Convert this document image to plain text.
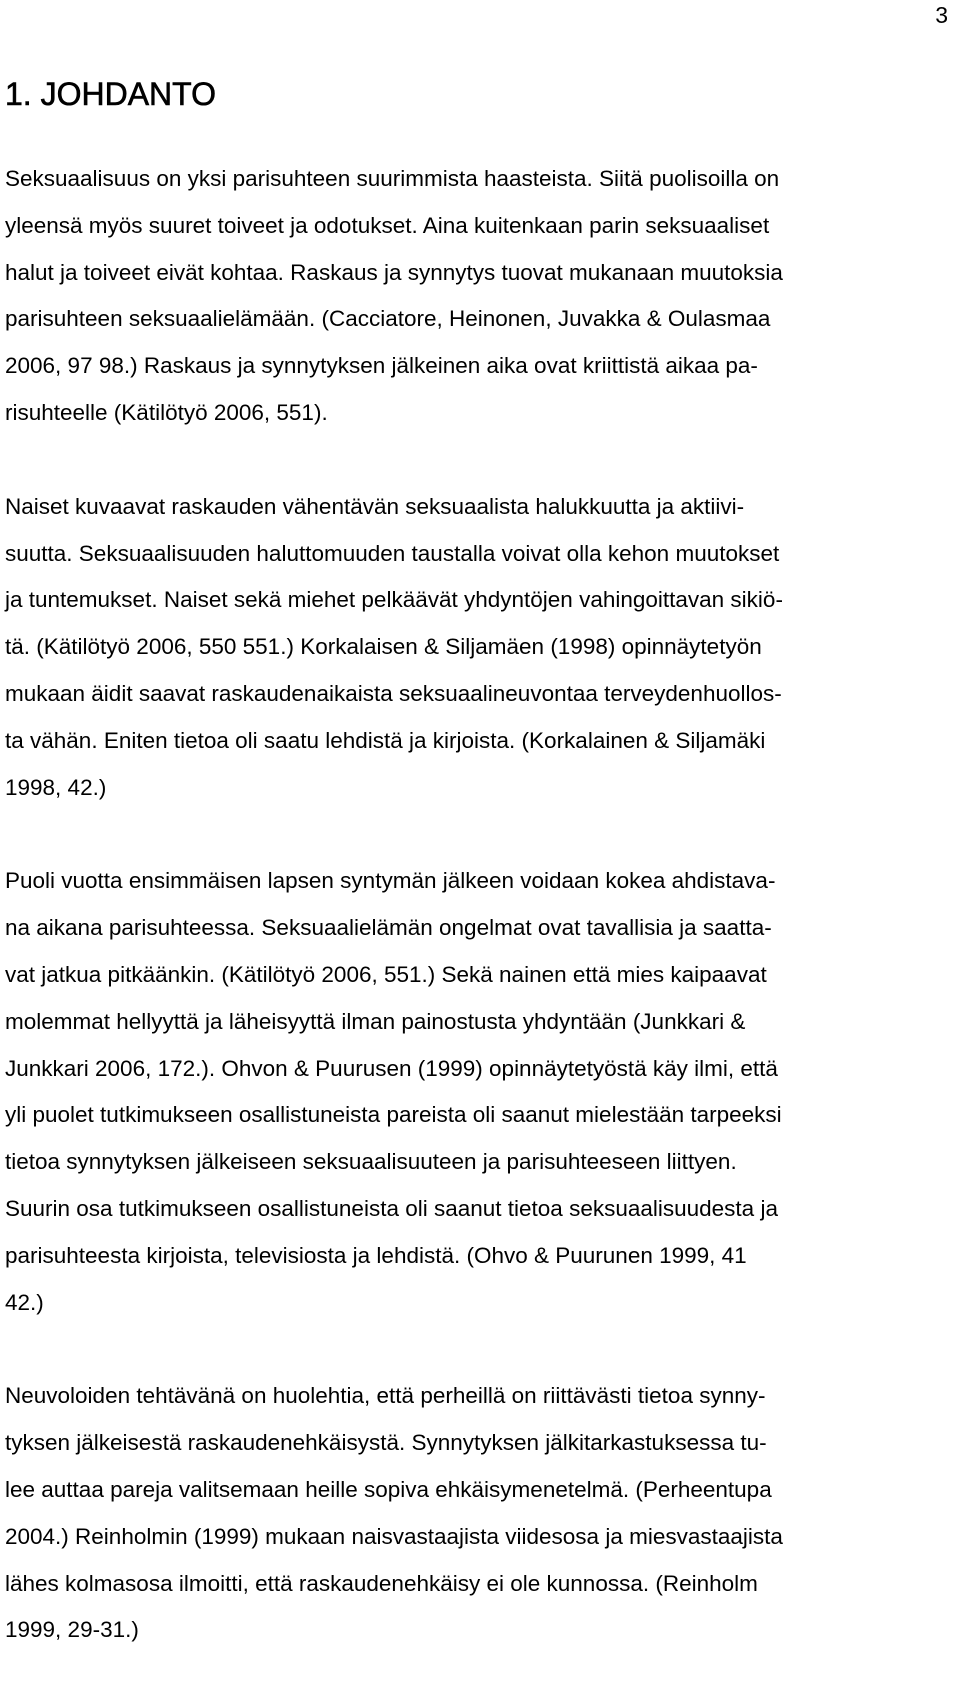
3
1. JOHDANTO
Seksuaalisuus on yksi parisuhteen suurimmista haasteista. Siitä puolisoilla on
yleensä myös suuret toiveet ja odotukset. Aina kuitenkaan parin seksuaaliset
halut ja toiveet eivät kohtaa. Raskaus ja synnytys tuovat mukanaan muutoksia
parisuhteen seksuaalielämään. (Cacciatore, Heinonen, Juvakka & Oulasmaa
2006, 97 98.) Raskaus ja synnytyksen jälkeinen aika ovat kriittistä aikaa pa-
risuhteelle (Kätilötyö 2006, 551).
Naiset kuvaavat raskauden vähentävän seksuaalista halukkuutta ja aktiivi-
suutta. Seksuaalisuuden haluttomuuden taustalla voivat olla kehon muutokset
ja tuntemukset. Naiset sekä miehet pelkäävät yhdyntöjen vahingoittavan sikiö-
tä. (Kätilötyö 2006, 550 551.) Korkalaisen & Siljamäen (1998) opinnäytetyön
mukaan äidit saavat raskaudenaikaista seksuaalineuvontaa terveydenhuollos-
ta vähän. Eniten tietoa oli saatu lehdistä ja kirjoista. (Korkalainen & Siljamäki
1998, 42.)
Puoli vuotta ensimmäisen lapsen syntymän jälkeen voidaan kokea ahdistava-
na aikana parisuhteessa. Seksuaalielämän ongelmat ovat tavallisia ja saatta-
vat jatkua pitkäänkin. (Kätilötyö 2006, 551.) Sekä nainen että mies kaipaavat
molemmat hellyyttä ja läheisyyttä ilman painostusta yhdyntään (Junkkari &
Junkkari 2006, 172.). Ohvon & Puurusen (1999) opinnäytetyöstä käy ilmi, että
yli puolet tutkimukseen osallistuneista pareista oli saanut mielestään tarpeeksi
tietoa synnytyksen jälkeiseen seksuaalisuuteen ja parisuhteeseen liittyen.
Suurin osa tutkimukseen osallistuneista oli saanut tietoa seksuaalisuudesta ja
parisuhteesta kirjoista, televisiosta ja lehdistä. (Ohvo & Puurunen 1999, 41
42.)
Neuvoloiden tehtävänä on huolehtia, että perheillä on riittävästi tietoa synny-
tyksen jälkeisestä raskaudenehkäisystä. Synnytyksen jälkitarkastuksessa tu-
lee auttaa pareja valitsemaan heille sopiva ehkäisymenetelmä. (Perheentupa
2004.) Reinholmin (1999) mukaan naisvastaajista viidesosa ja miesvastaajista
lähes kolmasosa ilmoitti, että raskaudenehkäisy ei ole kunnossa. (Reinholm
1999, 29-31.)
